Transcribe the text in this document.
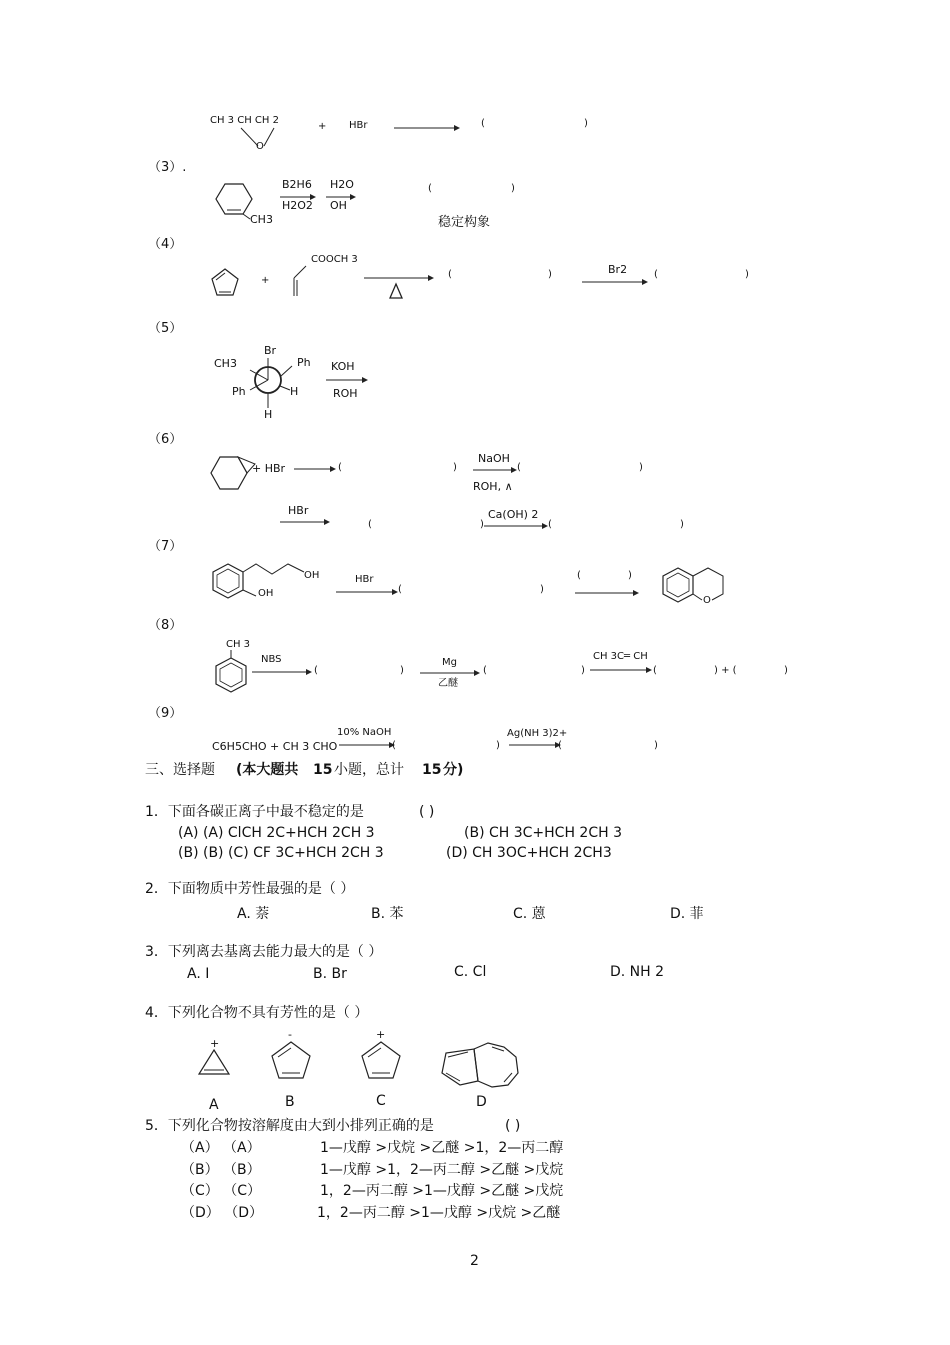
CH 3 CH CH 2
O
+ HBr	(	)
（3）.
CH3
B2H6
H2O2
H2O
OH
(	)
稳定构象
（4）
+
COOCH 3
(	)	Br2	(	)
（5）
Br
CH3	Ph
Ph	H
H
KOH
ROH
（6）
+ HBr → (	)
NaOH
ROH, ∧
(	)
HBr
(	)
Ca(OH) 2
→ (	)
（7）
OH
OH
HBr
→ (	)
(	)
O
（8）
CH 3
NBS
→ (	)
Mg
乙醚
(	)
CH 3C═ CH
→ (	) + (	)
（9）
C6H5CHO + CH 3 CHO
10% NaOH
(	)
Ag(NH 3)2+
(	)
三、选择题 (本大题共 15 小题，总计 15 分)
1．下面各碳正离子中最不稳定的是	( )
(A) (A) ClCH 2C+HCH 2CH 3	(B) CH 3C+HCH 2CH 3
(B) (B) (C) CF 3C+HCH 2CH 3	(D) CH 3OC+HCH 2CH3
2．下面物质中芳性最强的是（ ）
A. 萘	B. 苯	C. 蒽	D. 菲
3．下列离去基离去能力最大的是（ ）
A. I	B. Br	C. Cl	D. NH 2
4．下列化合物不具有芳性的是（ ）
+
A
-
B
+
C	D
5．下列化合物按溶解度由大到小排列正确的是	( )
（A） （A）	1—戊醇 >戊烷 >乙醚 >1，2—丙二醇
（B） （B）	1—戊醇 >1，2—丙二醇 >乙醚 >戊烷
（C） （C）	1，2—丙二醇 >1—戊醇 >乙醚 >戊烷
（D） （D）	1，2—丙二醇 >1—戊醇 >戊烷 >乙醚
2
